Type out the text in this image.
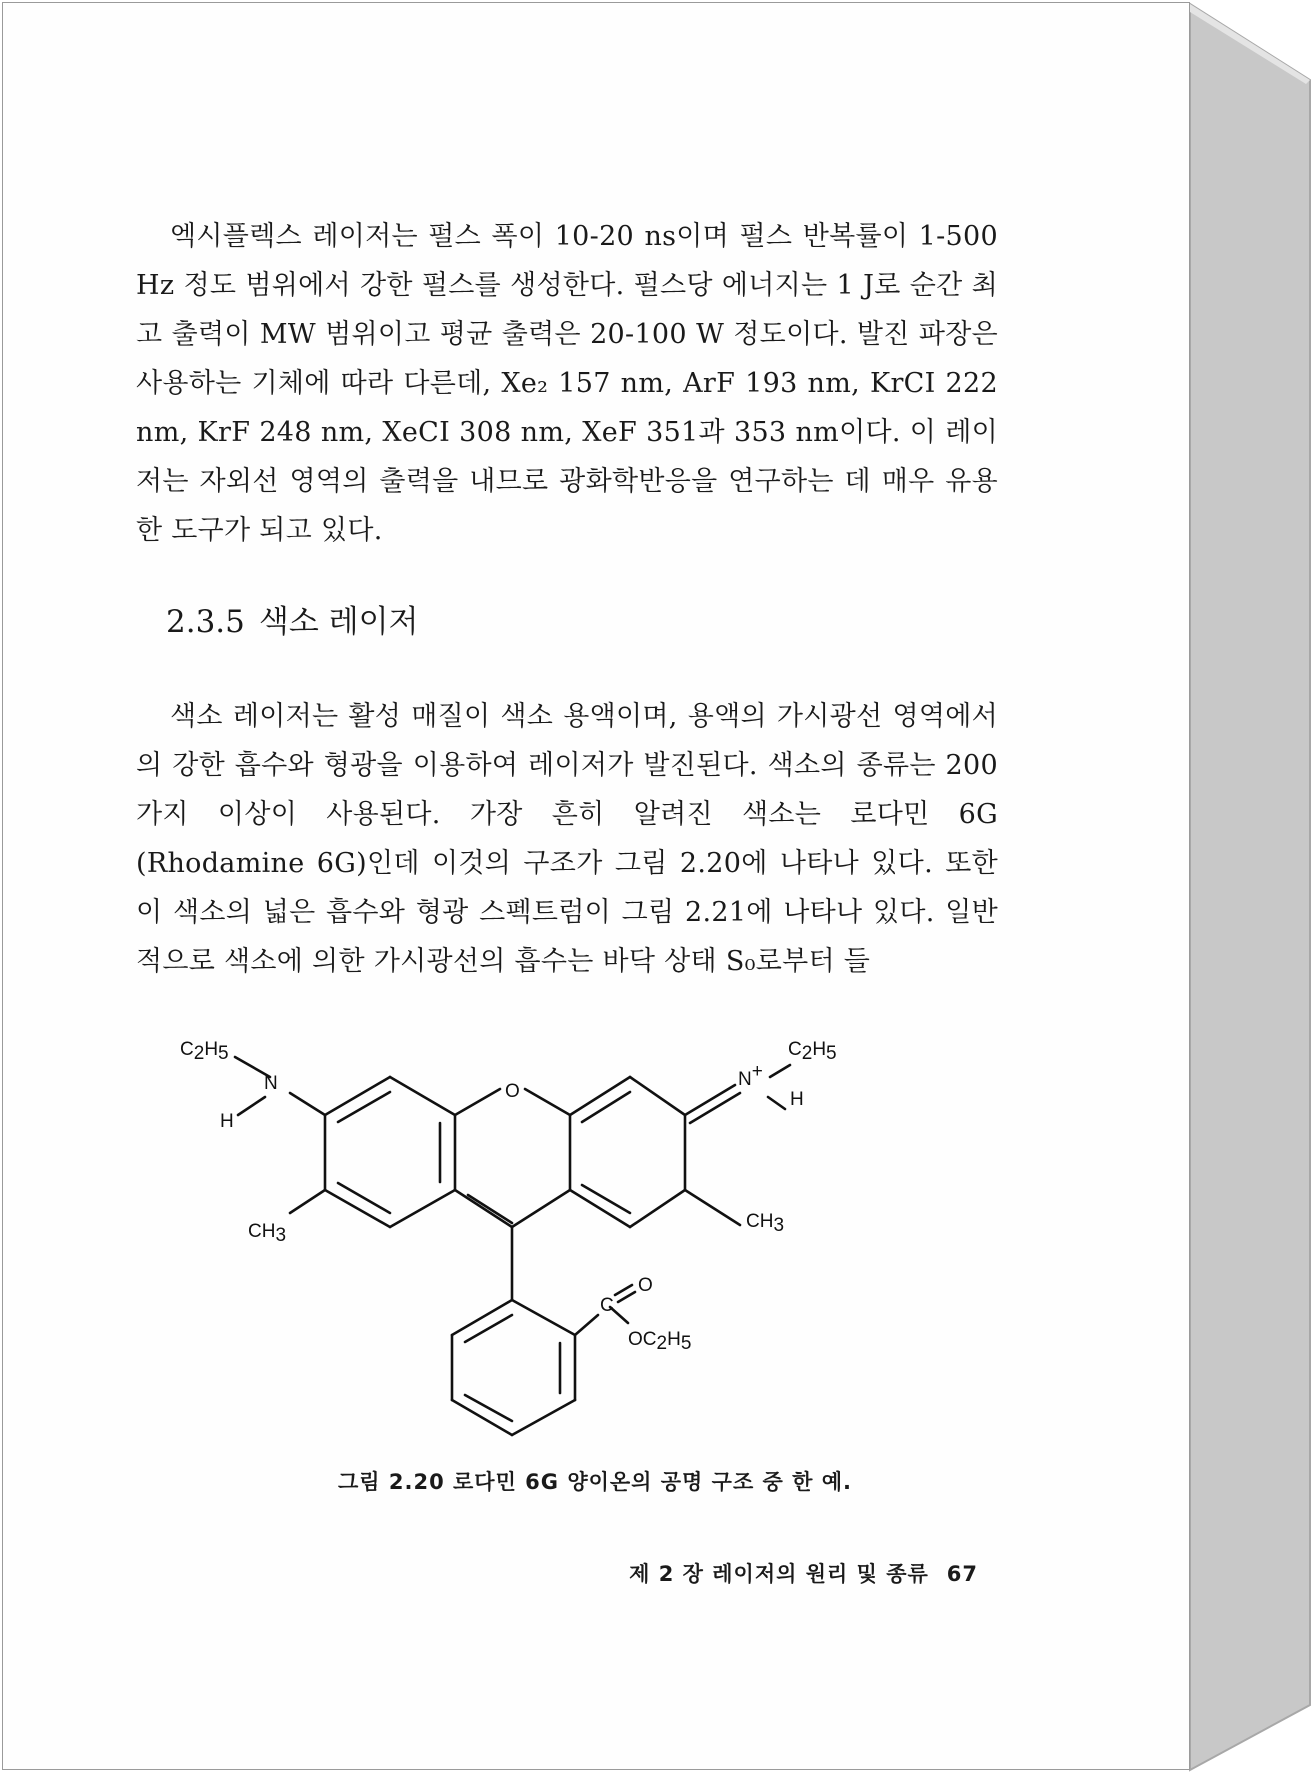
엑시플렉스 레이저는 펄스 폭이 10-20 ns이며 펄스 반복률이 1-500 Hz 정도 범위에서 강한 펄스를 생성한다. 펄스당 에너지는 1 J로 순간 최고 출력이 MW 범위이고 평균 출력은 20-100 W 정도이다. 발진 파장은 사용하는 기체에 따라 다른데, Xe₂ 157 nm, ArF 193 nm, KrCI 222 nm, KrF 248 nm, XeCI 308 nm, XeF 351과 353 nm이다. 이 레이저는 자외선 영역의 출력을 내므로 광화학반응을 연구하는 데 매우 유용한 도구가 되고 있다.

2.3.5 색소 레이저

색소 레이저는 활성 매질이 색소 용액이며, 용액의 가시광선 영역에서의 강한 흡수와 형광을 이용하여 레이저가 발진된다. 색소의 종류는 200가지 이상이 사용된다. 가장 흔히 알려진 색소는 로다민 6G (Rhodamine 6G)인데 이것의 구조가 그림 2.20에 나타나 있다. 또한 이 색소의 넓은 흡수와 형광 스펙트럼이 그림 2.21에 나타나 있다. 일반적으로 색소에 의한 가시광선의 흡수는 바닥 상태 S₀로부터 들

C2H5
N
H
O
N+
H
C2H5
CH3
CH3
C
O
OC2H5
그림 2.20 로다민 6G 양이온의 공명 구조 중 한 예.
제 2 장 레이저의 원리 및 종류 67
